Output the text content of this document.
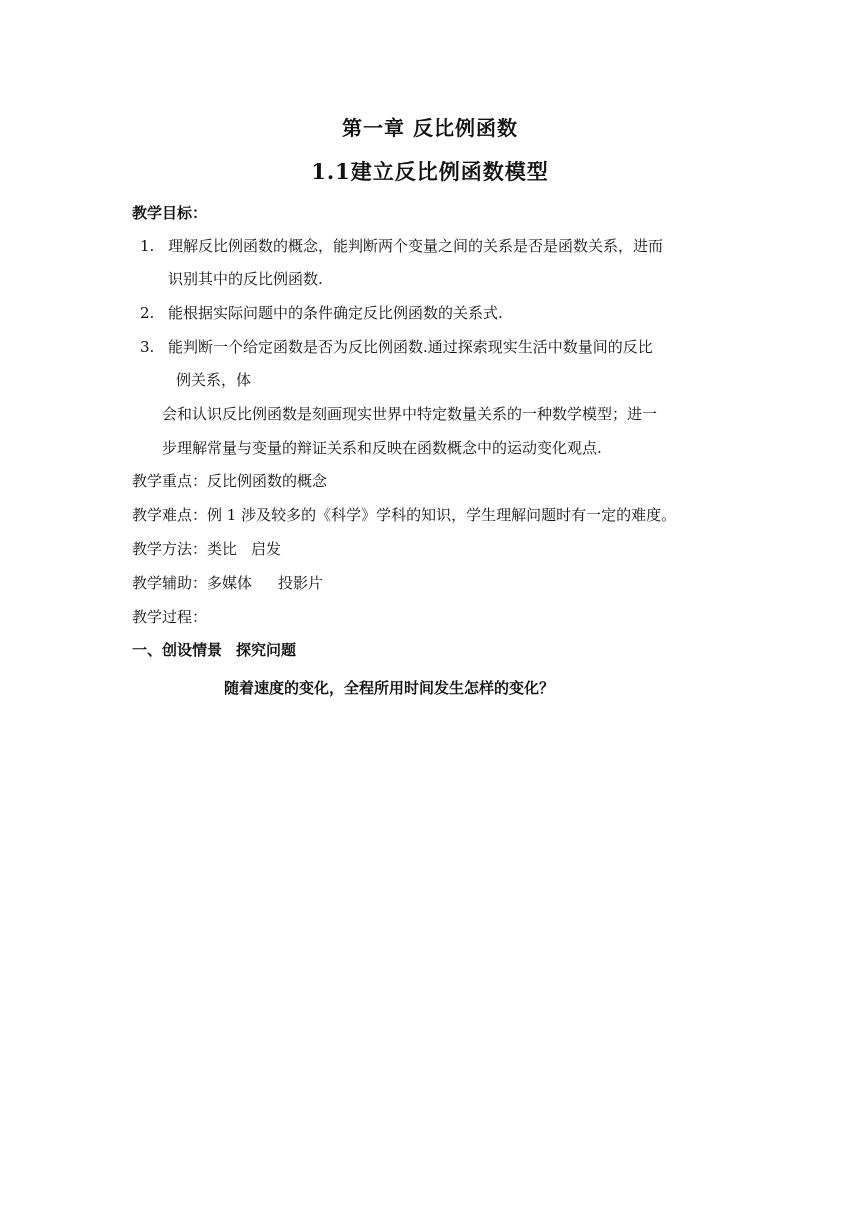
第一章 反比例函数
1.1建立反比例函数模型
教学目标：
1. 理解反比例函数的概念，能判断两个变量之间的关系是否是函数关系，进而
识别其中的反比例函数.
2. 能根据实际问题中的条件确定反比例函数的关系式.
3. 能判断一个给定函数是否为反比例函数.通过探索现实生活中数量间的反比
例关系，体
会和认识反比例函数是刻画现实世界中特定数量关系的一种数学模型；进一
步理解常量与变量的辩证关系和反映在函数概念中的运动变化观点.
教学重点：反比例函数的概念
教学难点：例 1 涉及较多的《科学》学科的知识，学生理解问题时有一定的难度。
教学方法：类比 启发
教学辅助：多媒体 投影片
教学过程：
一、创设情景 探究问题
随着速度的变化，全程所用时间发生怎样的变化？
